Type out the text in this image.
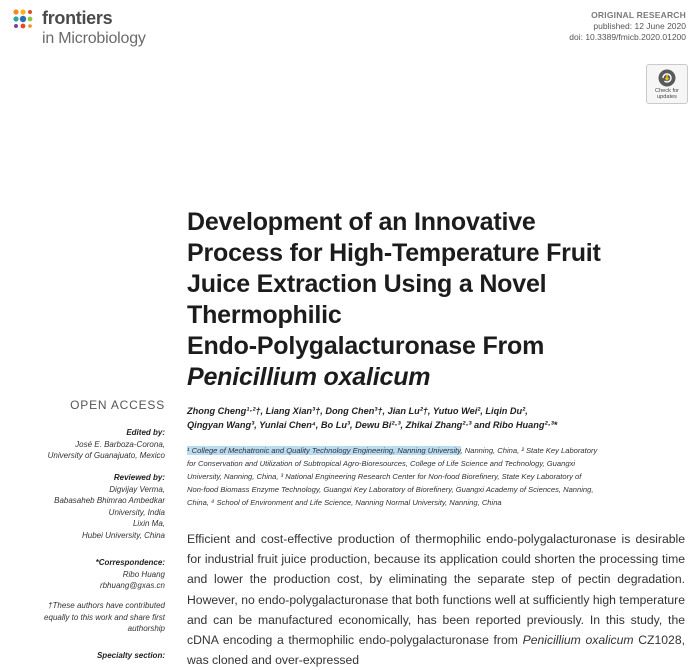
frontiers
in Microbiology
ORIGINAL RESEARCH
published: 12 June 2020
doi: 10.3389/fmicb.2020.01200
Check for
updates
Development of an Innovative
Process for High-Temperature Fruit
Juice Extraction Using a Novel
Thermophilic
Endo-Polygalacturonase From
Penicillium oxalicum
OPEN ACCESS
Edited by:
José E. Barboza-Corona,
University of Guanajuato, Mexico
Reviewed by:
Digvijay Verma,
Babasaheb Bhimrao Ambedkar
University, India
Lixin Ma,
Hubei University, China
*Correspondence:
Ribo Huang
rbhuang@gxas.cn
†These authors have contributed
equally to this work and share first
authorship
Specialty section:
Zhong Cheng¹·²†, Liang Xian³†, Dong Chen³†, Jian Lu²†, Yutuo Wei², Liqin Du²,
Qingyan Wang³, Yunlai Chen⁴, Bo Lu³, Dewu Bi²·³, Zhikai Zhang²·³ and Ribo Huang²·³*
¹ College of Mechatronic and Quality Technology Engineering, Nanning University, Nanning, China, ² State Key Laboratory
for Conservation and Utilization of Subtropical Agro-Bioresources, College of Life Science and Technology, Guangxi
University, Nanning, China, ³ National Engineering Research Center for Non-food Biorefinery, State Key Laboratory of
Non-food Biomass Enzyme Technology, Guangxi Key Laboratory of Biorefinery, Guangxi Academy of Sciences, Nanning,
China, ⁴ School of Environment and Life Science, Nanning Normal University, Nanning, China
Efficient and cost-effective production of thermophilic endo-polygalacturonase is desirable for industrial fruit juice production, because its application could shorten the processing time and lower the production cost, by eliminating the separate step of pectin degradation. However, no endo-polygalacturonase that both functions well at sufficiently high temperature and can be manufactured economically, has been reported previously. In this study, the cDNA encoding a thermophilic endo-polygalacturonase from Penicillium oxalicum CZ1028, was cloned and over-expressed
